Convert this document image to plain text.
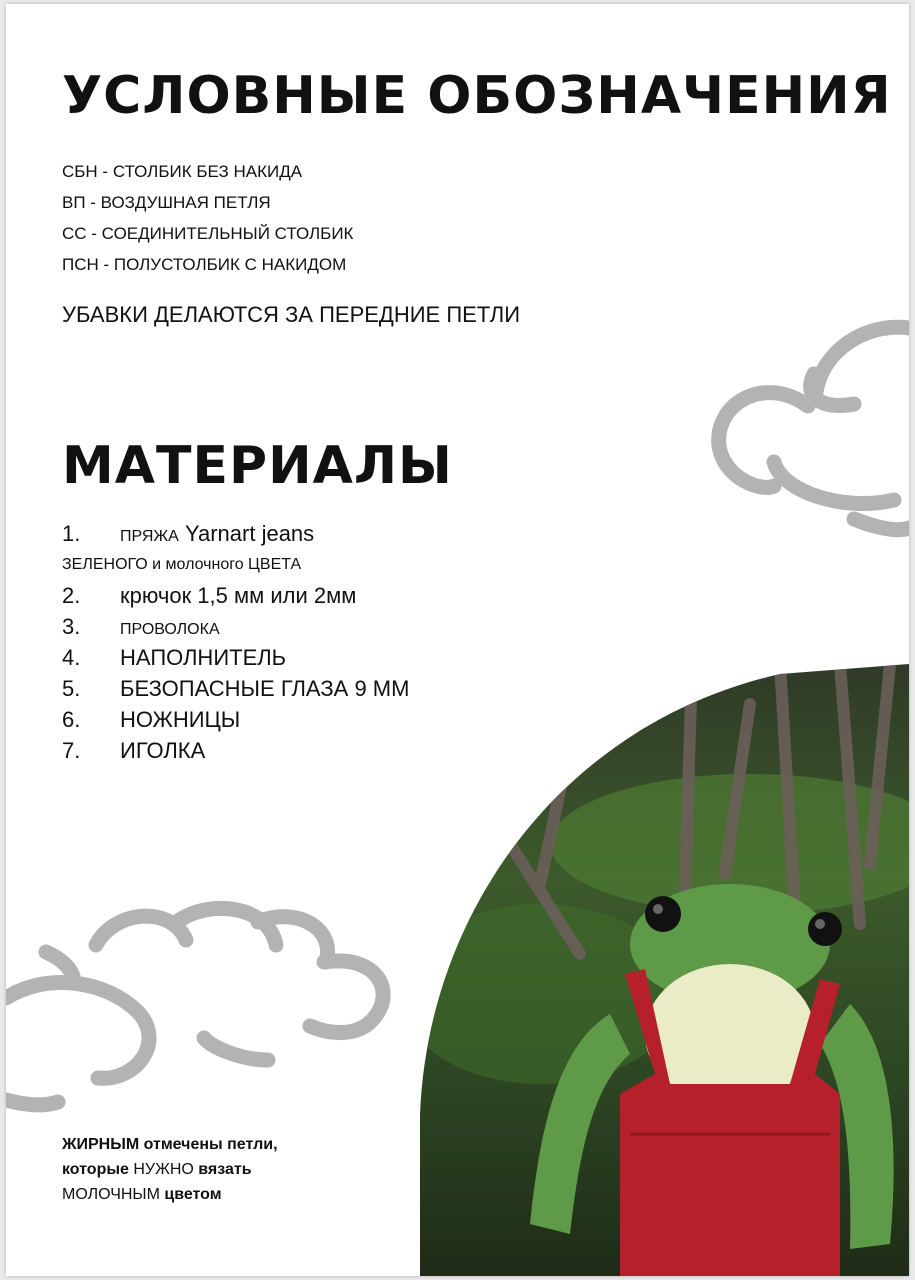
УСЛОВНЫЕ ОБОЗНАЧЕНИЯ
СБН - СТОЛБИК БЕЗ НАКИДА
ВП - ВОЗДУШНАЯ ПЕТЛЯ
СС - СОЕДИНИТЕЛЬНЫЙ СТОЛБИК
ПСН - ПОЛУСТОЛБИК С НАКИДОМ
УБАВКИ ДЕЛАЮТСЯ ЗА ПЕРЕДНИЕ ПЕТЛИ
МАТЕРИАЛЫ
1. ПРЯЖА Yarnart jeans
ЗЕЛЕНОГО и молочного ЦВЕТА
2. крючок 1,5 мм или 2мм
3. ПРОВОЛОКА
4. НАПОЛНИТЕЛЬ
5. БЕЗОПАСНЫЕ ГЛАЗА 9 ММ
6. НОЖНИЦЫ
7. ИГОЛКА
ЖИРНЫМ отмечены петли,
которые НУЖНО вязать
МОЛОЧНЫМ цветом
